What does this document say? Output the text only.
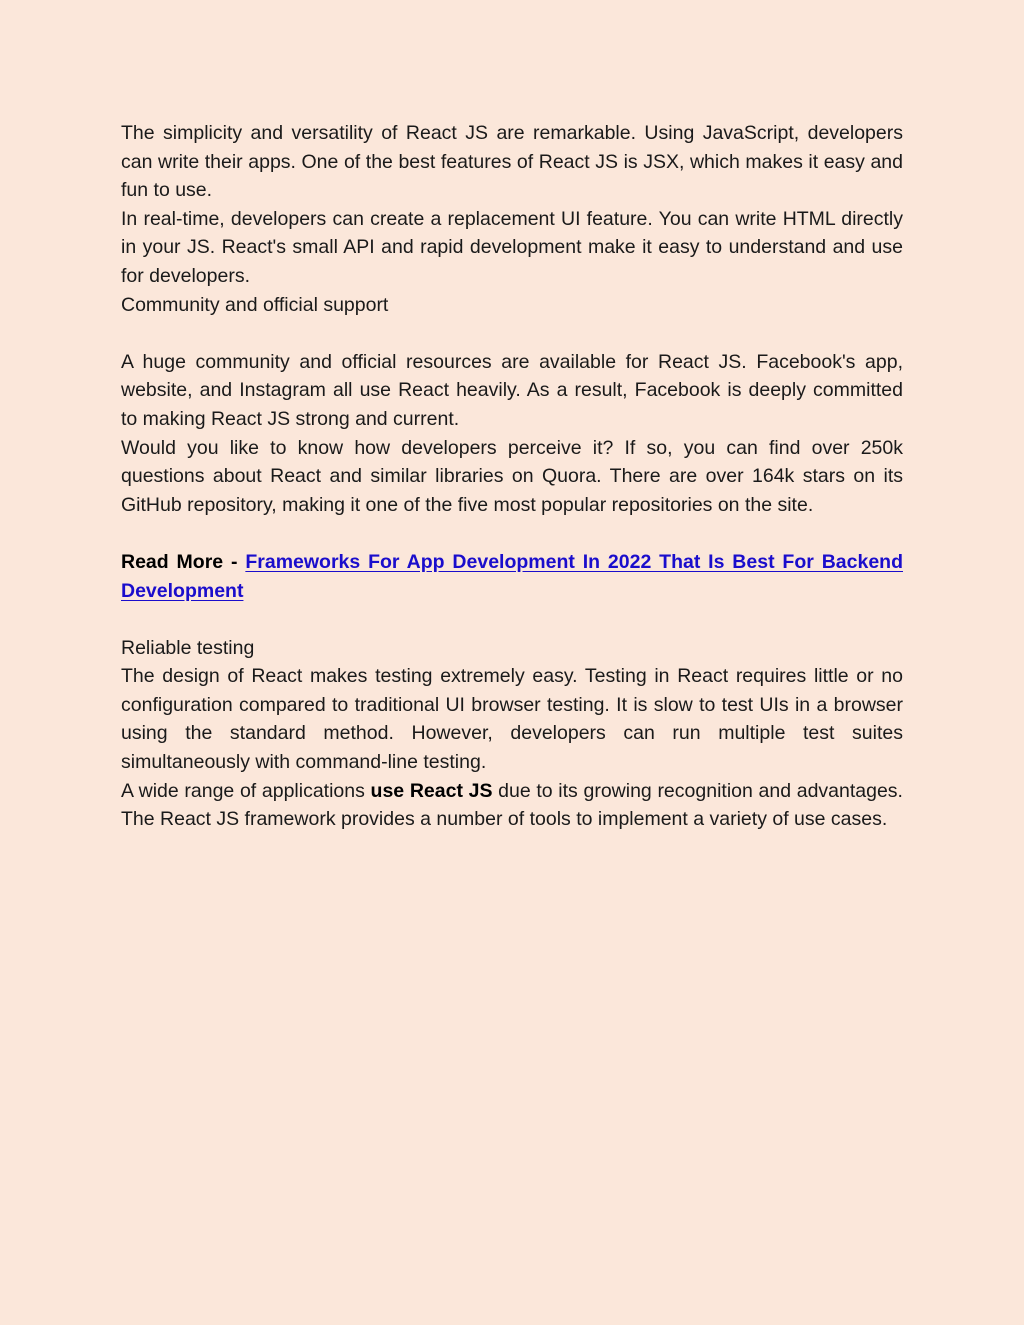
The simplicity and versatility of React JS are remarkable. Using JavaScript, developers can write their apps. One of the best features of React JS is JSX, which makes it easy and fun to use.

In real-time, developers can create a replacement UI feature. You can write HTML directly in your JS. React's small API and rapid development make it easy to understand and use for developers.

Community and official support

A huge community and official resources are available for React JS. Facebook's app, website, and Instagram all use React heavily. As a result, Facebook is deeply committed to making React JS strong and current.

Would you like to know how developers perceive it? If so, you can find over 250k questions about React and similar libraries on Quora. There are over 164k stars on its GitHub repository, making it one of the five most popular repositories on the site.

Read More - Frameworks For App Development In 2022 That Is Best For Backend Development

Reliable testing

The design of React makes testing extremely easy. Testing in React requires little or no configuration compared to traditional UI browser testing. It is slow to test UIs in a browser using the standard method. However, developers can run multiple test suites simultaneously with command-line testing.

A wide range of applications use React JS due to its growing recognition and advantages. The React JS framework provides a number of tools to implement a variety of use cases.
